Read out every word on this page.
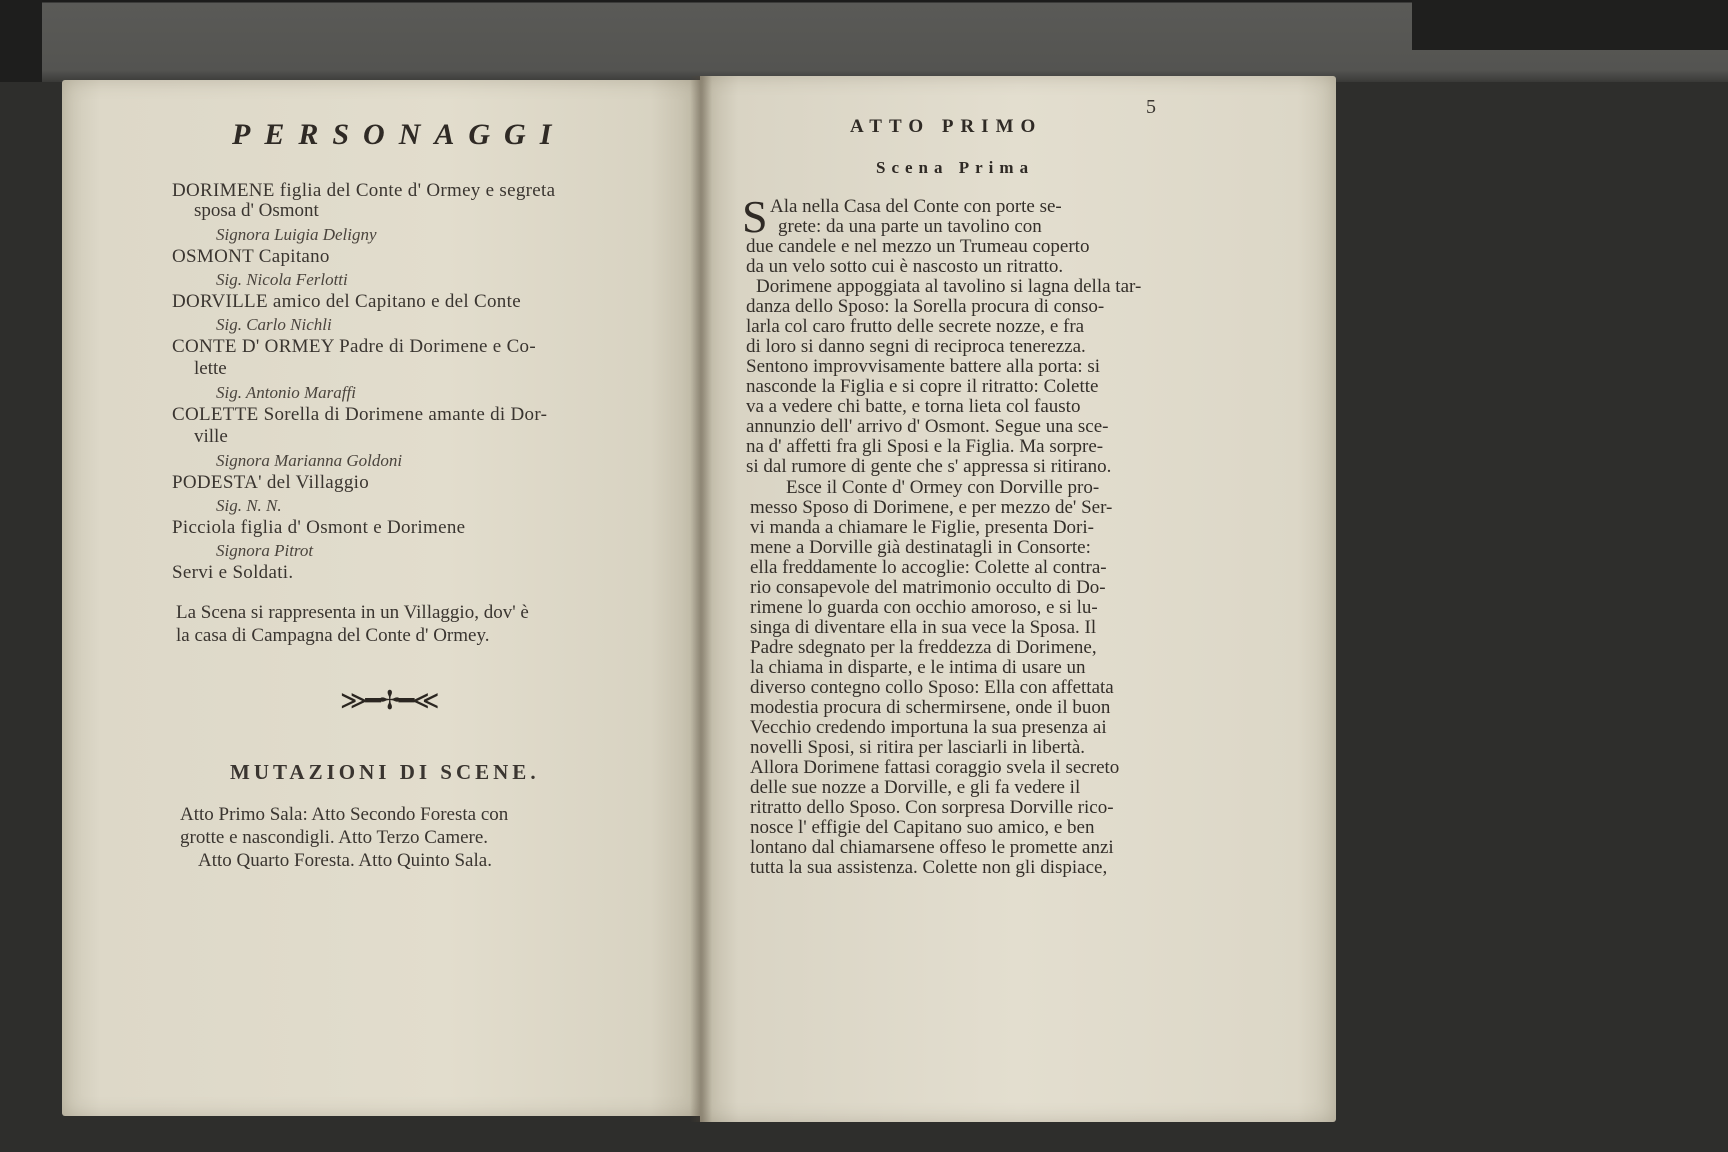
PERSONAGGI
DORIMENE figlia del Conte d' Ormey e segreta
sposa d' Osmont
Signora Luigia Deligny
OSMONT Capitano
Sig. Nicola Ferlotti
DORVILLE amico del Capitano e del Conte
Sig. Carlo Nichli
CONTE D' ORMEY Padre di Dorimene e Co-
lette
Sig. Antonio Maraffi
COLETTE Sorella di Dorimene amante di Dor-
ville
Signora Marianna Goldoni
PODESTA' del Villaggio
Sig. N. N.
Picciola figlia d' Osmont e Dorimene
Signora Pitrot
Servi e Soldati.
La Scena si rappresenta in un Villaggio, dov' è
la casa di Campagna del Conte d' Ormey.
≫━✢━≪
MUTAZIONI DI SCENE.
Atto Primo Sala: Atto Secondo Foresta con
grotte e nascondigli. Atto Terzo Camere.
Atto Quarto Foresta. Atto Quinto Sala.
5
ATTO PRIMO
Scena Prima
S Ala nella Casa del Conte con porte se-
grete: da una parte un tavolino con
due candele e nel mezzo un Trumeau coperto
da un velo sotto cui è nascosto un ritratto.
Dorimene appoggiata al tavolino si lagna della tar-
danza dello Sposo: la Sorella procura di conso-
larla col caro frutto delle secrete nozze, e fra
di loro si danno segni di reciproca tenerezza.
Sentono improvvisamente battere alla porta: si
nasconde la Figlia e si copre il ritratto: Colette
va a vedere chi batte, e torna lieta col fausto
annunzio dell' arrivo d' Osmont. Segue una sce-
na d' affetti fra gli Sposi e la Figlia. Ma sorpre-
si dal rumore di gente che s' appressa si ritirano.
Esce il Conte d' Ormey con Dorville pro-
messo Sposo di Dorimene, e per mezzo de' Ser-
vi manda a chiamare le Figlie, presenta Dori-
mene a Dorville già destinatagli in Consorte:
ella freddamente lo accoglie: Colette al contra-
rio consapevole del matrimonio occulto di Do-
rimene lo guarda con occhio amoroso, e si lu-
singa di diventare ella in sua vece la Sposa. Il
Padre sdegnato per la freddezza di Dorimene,
la chiama in disparte, e le intima di usare un
diverso contegno collo Sposo: Ella con affettata
modestia procura di schermirsene, onde il buon
Vecchio credendo importuna la sua presenza ai
novelli Sposi, si ritira per lasciarli in libertà.
Allora Dorimene fattasi coraggio svela il secreto
delle sue nozze a Dorville, e gli fa vedere il
ritratto dello Sposo. Con sorpresa Dorville rico-
nosce l' effigie del Capitano suo amico, e ben
lontano dal chiamarsene offeso le promette anzi
tutta la sua assistenza. Colette non gli dispiace,
